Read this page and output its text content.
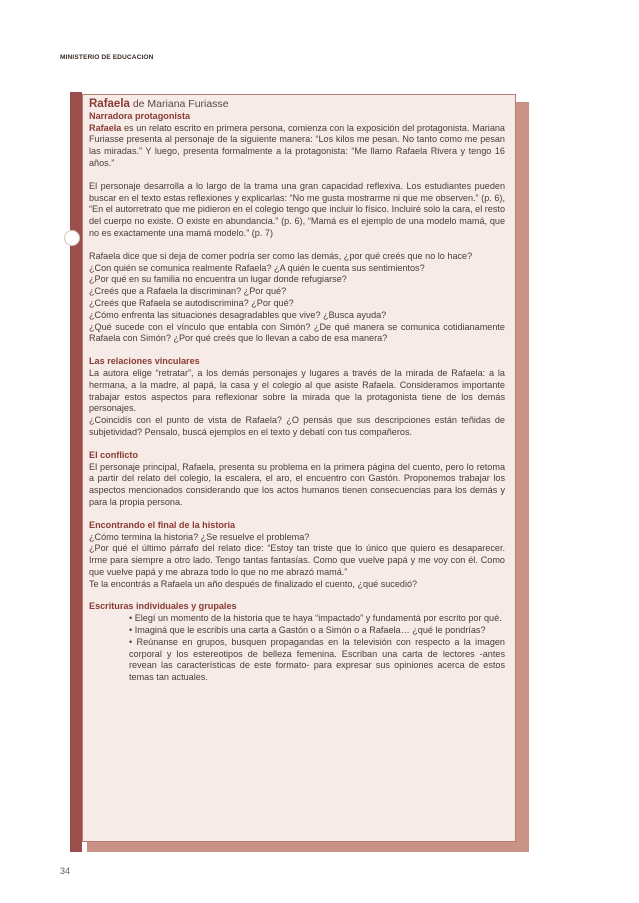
MINISTERIO DE EDUCACION

Rafaela de Mariana Furiasse

Narradora protagonista

Rafaela es un relato escrito en primera persona, comienza con la exposición del protagonista. Mariana Furiasse presenta al personaje de la siguiente manera: “Los kilos me pesan. No tanto como me pesan las miradas.” Y luego, presenta formalmente a la protagonista: “Me llamo Rafaela Rivera y tengo 16 años.”

El personaje desarrolla a lo largo de la trama una gran capacidad reflexiva. Los estudiantes pueden buscar en el texto estas reflexiones y explicarlas: “No me gusta mostrarme ni que me observen.” (p. 6), “En el autorretrato que me pidieron en el colegio tengo que incluir lo físico. Incluiré solo la cara, el resto del cuerpo no existe. O existe en abundancia.” (p. 6), “Mamá es el ejemplo de una modelo mamá, que no es exactamente una mamá modelo.” (p. 7)

Rafaela dice que si deja de comer podría ser como las demás, ¿por qué creés que no lo hace?

¿Con quién se comunica realmente Rafaela? ¿A quién le cuenta sus sentimientos?

¿Por qué en su familia no encuentra un lugar donde refugiarse?

¿Creés que a Rafaela la discriminan? ¿Por qué?

¿Creés que Rafaela se autodiscrimina? ¿Por qué?

¿Cómo enfrenta las situaciones desagradables que vive? ¿Busca ayuda?

¿Qué sucede con el vínculo que entabla con Simón? ¿De qué manera se comunica cotidianamente Rafaela con Simón? ¿Por qué creés que lo llevan a cabo de esa manera?

Las relaciones vinculares

La autora elige “retratar”, a los demás personajes y lugares a través de la mirada de Rafaela: a la hermana, a la madre, al papá, la casa y el colegio al que asiste Rafaela. Consideramos importante trabajar estos aspectos para reflexionar sobre la mirada que la protagonista tiene de los demás personajes.

¿Coincidís con el punto de vista de Rafaela? ¿O pensás que sus descripciones están teñidas de subjetividad? Pensalo, buscá ejemplos en el texto y debatí con tus compañeros.

El conflicto

El personaje principal, Rafaela, presenta su problema en la primera página del cuento, pero lo retoma a partir del relato del colegio, la escalera, el aro, el encuentro con Gastón. Proponemos trabajar los aspectos mencionados considerando que los actos humanos tienen consecuencias para los demás y para la propia persona.

Encontrando el final de la historia

¿Cómo termina la historia? ¿Se resuelve el problema?

¿Por qué el último párrafo del relato dice: “Estoy tan triste que lo único que quiero es desaparecer. Irme para siempre a otro lado. Tengo tantas fantasías. Como que vuelve papá y me voy con él. Como que vuelve papá y me abraza todo lo que no me abrazó mamá.”

Te la encontrás a Rafaela un año después de finalizado el cuento, ¿qué sucedió?

Escrituras individuales y grupales

• Elegí un momento de la historia que te haya “impactado” y fundamentá por escrito por qué.

• Imaginá que le escribís una carta a Gastón o a Simón o a Rafaela… ¿qué le pondrías?

• Reúnanse en grupos, busquen propagandas en la televisión con respecto a la imagen corporal y los estereotipos de belleza femenina. Escriban una carta de lectores -antes revean las características de este formato- para expresar sus opiniones acerca de estos temas tan actuales.

34
